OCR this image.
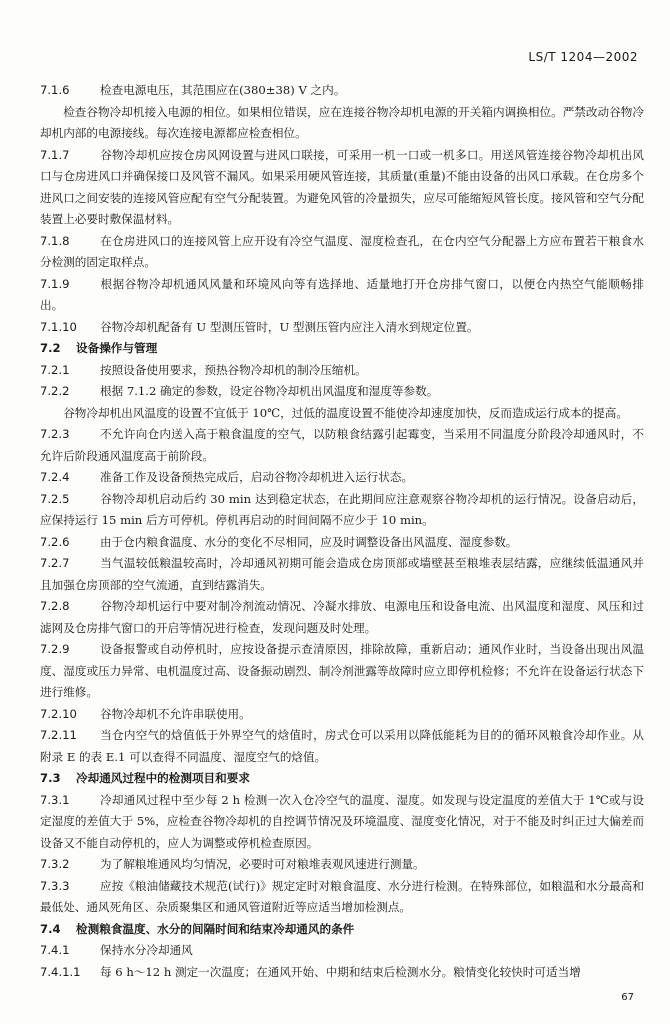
LS/T 1204—2002

7.1.6	检查电源电压，其范围应在(380±38) V 之内。

检查谷物冷却机接入电源的相位。如果相位错误，应在连接谷物冷却机电源的开关箱内调换相位。严禁改动谷物冷却机内部的电源接线。每次连接电源都应检查相位。

7.1.7	谷物冷却机应按仓房风网设置与进风口联接，可采用一机一口或一机多口。用送风管连接谷物冷却机出风口与仓房进风口并确保接口及风管不漏风。如果采用硬风管连接，其质量(重量)不能由设备的出风口承载。在仓房多个进风口之间安装的连接风管应配有空气分配装置。为避免风管的冷量损失，应尽可能缩短风管长度。接风管和空气分配装置上必要时敷保温材料。

7.1.8	在仓房进风口的连接风管上应开设有冷空气温度、湿度检查孔，在仓内空气分配器上方应布置若干粮食水分检测的固定取样点。

7.1.9	根据谷物冷却机通风风量和环境风向等有选择地、适量地打开仓房排气窗口，以便仓内热空气能顺畅排出。

7.1.10 谷物冷却机配备有 U 型测压管时，U 型测压管内应注入清水到规定位置。

7.2 设备操作与管理

7.2.1	按照设备使用要求，预热谷物冷却机的制冷压缩机。

7.2.2	根据 7.1.2 确定的参数，设定谷物冷却机出风温度和湿度等参数。

谷物冷却机出风温度的设置不宜低于 10℃，过低的温度设置不能使冷却速度加快，反而造成运行成本的提高。

7.2.3	不允许向仓内送入高于粮食温度的空气，以防粮食结露引起霉变，当采用不同温度分阶段冷却通风时，不允许后阶段通风温度高于前阶段。

7.2.4	准备工作及设备预热完成后，启动谷物冷却机进入运行状态。

7.2.5	谷物冷却机启动后约 30 min 达到稳定状态，在此期间应注意观察谷物冷却机的运行情况。设备启动后，应保持运行 15 min 后方可停机。停机再启动的时间间隔不应少于 10 min。

7.2.6	由于仓内粮食温度、水分的变化不尽相同，应及时调整设备出风温度、湿度参数。

7.2.7	当气温较低粮温较高时，冷却通风初期可能会造成仓房顶部或墙壁甚至粮堆表层结露，应继续低温通风并且加强仓房顶部的空气流通，直到结露消失。

7.2.8	谷物冷却机运行中要对制冷剂流动情况、冷凝水排放、电源电压和设备电流、出风温度和湿度、风压和过滤网及仓房排气窗口的开启等情况进行检查，发现问题及时处理。

7.2.9	设备报警或自动停机时，应按设备提示查清原因，排除故障，重新启动；通风作业时，当设备出现出风温度、湿度或压力异常、电机温度过高、设备振动剧烈、制冷剂泄露等故障时应立即停机检修；不允许在设备运行状态下进行维修。

7.2.10 谷物冷却机不允许串联使用。

7.2.11 当仓内空气的焓值低于外界空气的焓值时，房式仓可以采用以降低能耗为目的的循环风粮食冷却作业。从附录 E 的表 E.1 可以查得不同温度、湿度空气的焓值。

7.3 冷却通风过程中的检测项目和要求

7.3.1	冷却通风过程中至少每 2 h 检测一次入仓冷空气的温度、湿度。如发现与设定温度的差值大于 1℃或与设定湿度的差值大于 5%，应检查谷物冷却机的自控调节情况及环境温度、湿度变化情况，对于不能及时纠正过大偏差而设备又不能自动停机的，应人为调整或停机检查原因。

7.3.2	为了解粮堆通风均匀情况，必要时可对粮堆表观风速进行测量。

7.3.3	应按《粮油储藏技术规范(试行)》规定定时对粮食温度、水分进行检测。在特殊部位，如粮温和水分最高和最低处、通风死角区、杂质聚集区和通风管道附近等应适当增加检测点。

7.4 检测粮食温度、水分的间隔时间和结束冷却通风的条件

7.4.1	保持水分冷却通风

7.4.1.1 每 6 h～12 h 测定一次温度；在通风开始、中期和结束后检测水分。粮情变化较快时可适当增

67
